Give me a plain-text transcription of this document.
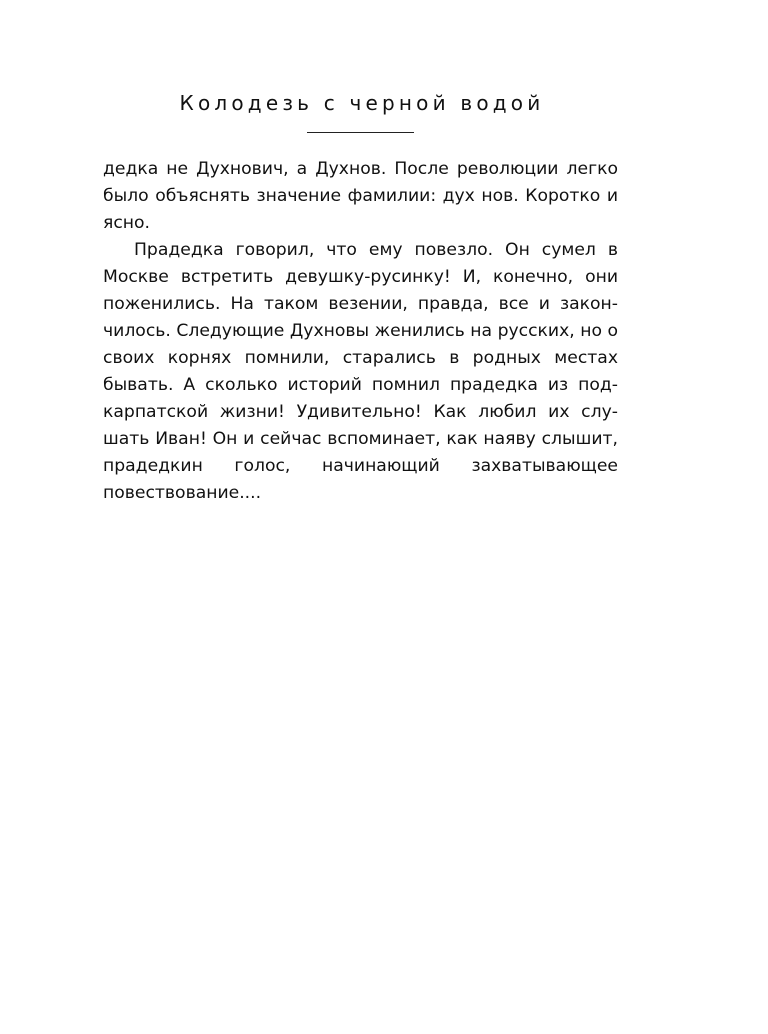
Колодезь с черной водой

дедка не Духнович, а Духнов. После революции легко было объяснять значение фамилии: дух нов. Коротко и ясно.

Прадедка говорил, что ему повезло. Он сумел в Москве встретить девушку-русинку! И, конечно, они поженились. На таком везении, правда, все и закончилось. Следующие Духновы женились на русских, но о своих корнях помнили, старались в родных местах бывать. А сколько историй помнил прадедка из подкарпатской жизни! Удивительно! Как любил их слушать Иван! Он и сейчас вспоминает, как наяву слышит, прадедкин голос, начинающий захватывающее повествование....
